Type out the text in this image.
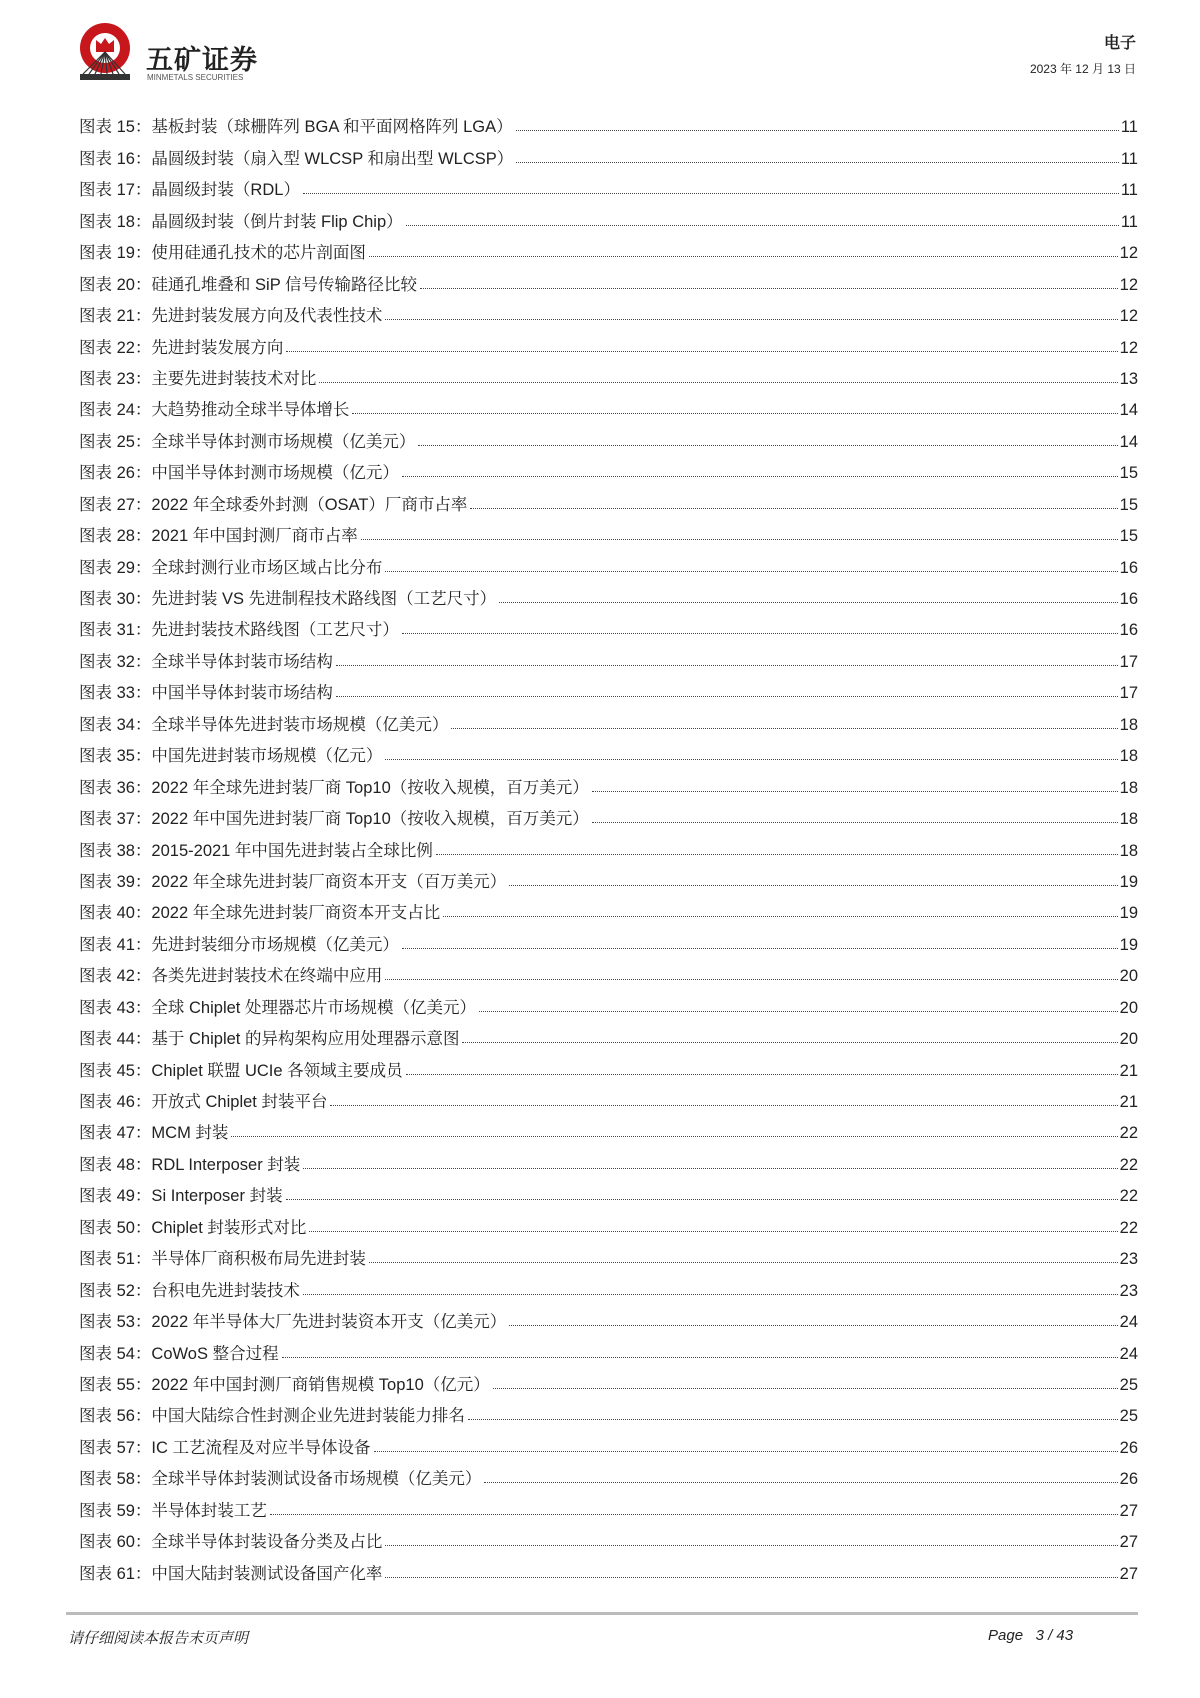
五矿证券
MINMETALS SECURITIES
电子
2023 年 12 月 13 日
图表 15：基板封装（球栅阵列 BGA 和平面网格阵列 LGA）	11
图表 16：晶圆级封装（扇入型 WLCSP 和扇出型 WLCSP）	11
图表 17：晶圆级封装（RDL）	11
图表 18：晶圆级封装（倒片封装 Flip Chip）	11
图表 19：使用硅通孔技术的芯片剖面图	12
图表 20：硅通孔堆叠和 SiP 信号传输路径比较	12
图表 21：先进封装发展方向及代表性技术	12
图表 22：先进封装发展方向	12
图表 23：主要先进封装技术对比	13
图表 24：大趋势推动全球半导体增长	14
图表 25：全球半导体封测市场规模（亿美元）	14
图表 26：中国半导体封测市场规模（亿元）	15
图表 27：2022 年全球委外封测（OSAT）厂商市占率	15
图表 28：2021 年中国封测厂商市占率	15
图表 29：全球封测行业市场区域占比分布	16
图表 30：先进封装 VS 先进制程技术路线图（工艺尺寸）	16
图表 31：先进封装技术路线图（工艺尺寸）	16
图表 32：全球半导体封装市场结构	17
图表 33：中国半导体封装市场结构	17
图表 34：全球半导体先进封装市场规模（亿美元）	18
图表 35：中国先进封装市场规模（亿元）	18
图表 36：2022 年全球先进封装厂商 Top10（按收入规模，百万美元）	18
图表 37：2022 年中国先进封装厂商 Top10（按收入规模，百万美元）	18
图表 38：2015-2021 年中国先进封装占全球比例	18
图表 39：2022 年全球先进封装厂商资本开支（百万美元）	19
图表 40：2022 年全球先进封装厂商资本开支占比	19
图表 41：先进封装细分市场规模（亿美元）	19
图表 42：各类先进封装技术在终端中应用	20
图表 43：全球 Chiplet 处理器芯片市场规模（亿美元）	20
图表 44：基于 Chiplet 的异构架构应用处理器示意图	20
图表 45：Chiplet 联盟 UCIe 各领域主要成员	21
图表 46：开放式 Chiplet 封装平台	21
图表 47：MCM 封装	22
图表 48：RDL Interposer 封装	22
图表 49：Si Interposer 封装	22
图表 50：Chiplet 封装形式对比	22
图表 51：半导体厂商积极布局先进封装	23
图表 52：台积电先进封装技术	23
图表 53：2022 年半导体大厂先进封装资本开支（亿美元）	24
图表 54：CoWoS 整合过程	24
图表 55：2022 年中国封测厂商销售规模 Top10（亿元）	25
图表 56：中国大陆综合性封测企业先进封装能力排名	25
图表 57：IC 工艺流程及对应半导体设备	26
图表 58：全球半导体封装测试设备市场规模（亿美元）	26
图表 59：半导体封装工艺	27
图表 60：全球半导体封装设备分类及占比	27
图表 61：中国大陆封装测试设备国产化率	27
请仔细阅读本报告末页声明	Page 3 / 43
